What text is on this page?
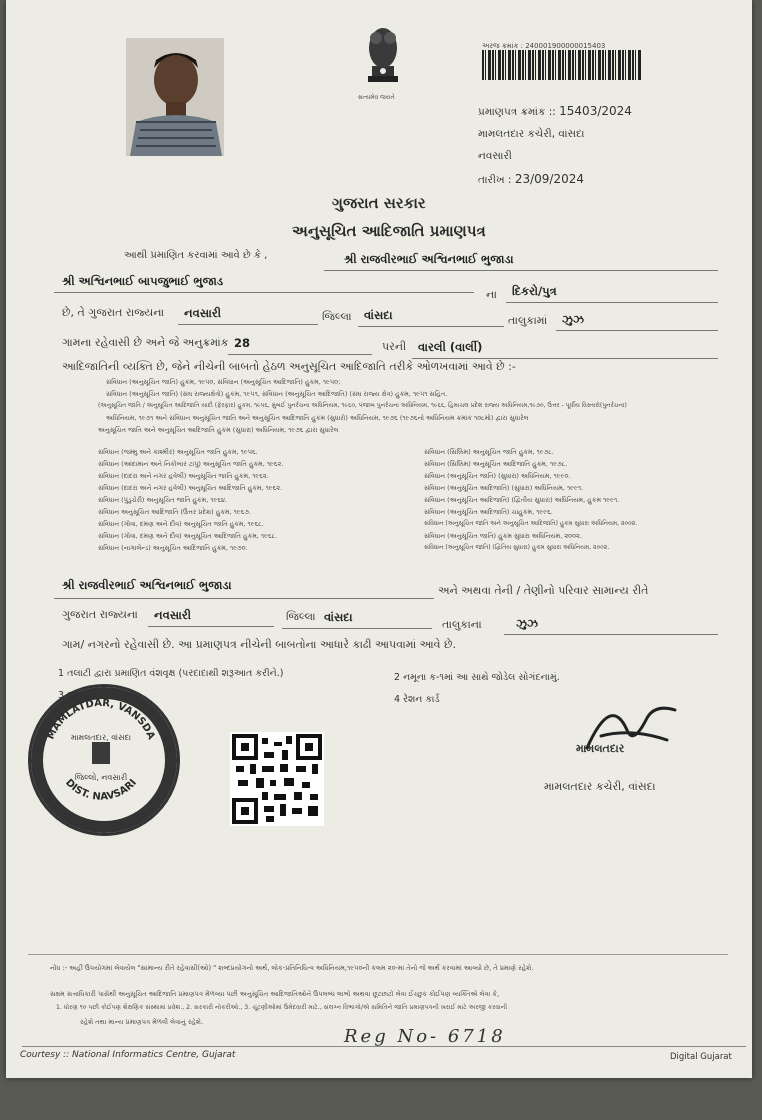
સત્યમેવ જયતે
અરજ ક્રમાંક : 240001900000015403
પ્રમાણપત્ર ક્રમાંક :: 15403/2024
મામલતદાર કચેરી, વાંસદા
નવસારી
તારીખ : 23/09/2024
ગુજરાત સરકાર
અનુસૂચિત આદિજાતિ પ્રમાણપત્ર
આથી પ્રમાણિત કરવામાં આવે છે કે ,	શ્રી રાજવીરભાઈ અશ્વિનભાઈ ભુજાડા
શ્રી અશ્વિનભાઈ બાપજુભાઈ ભુજાડ
ના દિકરો/પુત્ર
છે, તે ગુજરાત રાજ્યના નવસારી	જિલ્લા વાંસદા	તાલુકામાં ઝુઝ
ગામના રહેવાસી છે અને જે અનુક્રમાંક 28	પરની વારલી (વાર્લી)
આદિજાતિની વ્યક્તિ છે, જેને નીચેની બાબતો હેઠળ અનુસૂચિત આદિજાતિ તરીકે ઓળખવામાં આવે છે :-
સંવિધાન (અનુસૂચિત જાતિ) હુકમ, ૧૯૫૦, સંવિધાન (અનુસૂચિત આદિજાતિ) હુકમ, ૧૯૫૦;
સંવિધાન (અનુસૂચિત જાતિ) (સંઘ રાજ્યક્ષેત્રો) હુકમ, ૧૯૫૧, સંવિધાન (અનુસૂચિત આદિજાતિ) (સંઘ રાજ્ય ક્ષેત્ર) હુકમ, ૧૯૫૧ સહિત.
(અનુસૂચિત જાતિ / અનુસૂચિત આદિજાતિ યાદી (ફેરફાર) હુકમ, ૧૯૫૬, મુંબઈ પુનર્રચના અધિનિયમ, ૧૯૬૦, પંજાબ પુનર્રચના અધિનિયમ, ૧૯૬૬, હિમાચલ પ્રદેશ રાજ્ય અધિનિયમ,૧૯૭૦, ઉત્તર - પૂર્વીય વિસ્તારો(પુનર્રચના)
અધિનિયમ, ૧૯૭૧ અને સંવિધાન અનુસૂચિત જાતિ અને અનુસૂચિત આદિજાતિ હુકમ (સુધારો) અધિનિયમ, ૧૯૭૬ (૧૯૭૬નો અધિનિયમ ક્રમાંક ૧૦૮મો) દ્વારા સુધારેલ
અનુસૂચિત જાતિ અને અનુસૂચિત આદિજાતિ હુકમ (સુધારા) અધિનિયમ, ૧૯૭૬ દ્વારા સુધારેલ
સંવિધાન (જમ્મુ અને કાશ્મીર) અનુસૂચિત જાતિ હુકમ, ૧૯૫૬.
સંવિધાન (આંદામાન અને નિકોબાર ટાપુ) અનુસૂચિત જાતિ હુકમ, ૧૯૬૨.
સંવિધાન (દાદરા અને નગર હવેલી) અનુસૂચિત જાતિ હુકમ, ૧૯૬૨.
સંવિધાન (દાદરા અને નગર હવેલી) અનુસૂચિત આદિજાતિ હુકમ, ૧૯૬૨.
સંવિધાન (પુંડુચેરી) અનુસૂચિત જાતિ હુકમ, ૧૯૬૪.
સંવિધાન અનુસૂચિત આદિજાતિ (ઉત્તર પ્રદેશ) હુકમ, ૧૯૬૭.
સંવિધાન (ગોવા, દમણ અને દીવ) અનુસૂચિત જાતિ હુકમ, ૧૯૬૮.
સંવિધાન (ગોવા, દમણ અને દીવ) અનુસૂચિત આદિજાતિ હુકમ, ૧૯૬૮.
સંવિધાન (નાગાલેન્ડ) અનુસૂચિત આદિજાતિ હુકમ, ૧૯૭૦.
સંવિધાન (સિક્કિમ) અનુસૂચિત જાતિ હુકમ, ૧૯૭૮.
સંવિધાન (સિક્કિમ) અનુસૂચિત આદિજાતિ હુકમ, ૧૯૭૮.
સંવિધાન (અનુસૂચિત જાતિ) (સુધારા) અધિનિયમ, ૧૯૯૦.
સંવિધાન (અનુસૂચિત આદિજાતિ) (સુધારા) અધિનિયમ, ૧૯૯૧.
સંવિધાન (અનુસૂચિત આદિજાતિ) (દ્વિતીય સુધારા) અધિનિયમ, હુકમ ૧૯૯૧.
સંવિધાન (અનુસૂચિત આદિજાતિ) ચાહુકમ, ૧૯૯૬.
સંવિધાન (અનુસૂચિત જાતિ અને અનુસૂચિત આદિજાતિ) હુકમ સુધારા અધિનિયમ, ૨૦૦૨.
સંવિધાન (અનુસૂચિત જાતિ) હુકમ સુધારા અધિનિયમ, ૨૦૦૨.
સંવિધાન (અનુસૂચિત જાતિ) (દ્વિતિય સુધારા) હુકમ સુધારા અધિનિયમ, ૨૦૦૨.
શ્રી રાજવીરભાઈ અશ્વિનભાઈ ભુજાડા	અને અથવા તેની / તેણીનો પરિવાર સામાન્ય રીતે
ગુજરાત રાજ્યના નવસારી	જિલ્લા વાંસદા
તાલુકાના	ઝુઝ
ગામ/ નગરનો રહેવાસી છે. આ પ્રમાણપત્ર નીચેની બાબતોના આધારે કાઢી આપવામાં આવે છે.
1 તલાટી દ્વારા પ્રમાણિત વંશવૃક્ષ (પરદાદાથી શરૂઆત કરીને.)	2 નમૂના ક-૧માં આ સાથે જોડેલ સોગંદનામું.
3 આધારકાર્ડ	4 રેશન કાર્ડ
MAMLATDAR, VANSDA
DIST. NAVSARI
મામલતદાર, વાંસદા
જિલ્લો, નવસારી
મામલતદાર
મામલતદાર કચેરી, વાંસદા
નોંધ :- અહીં ઉપયોગમાં લેવાયેલ "સામાન્ય રીતે રહેવાસી(ઓ) " શબ્દપ્રયોગનો અર્થ, લોક-પ્રતિનિધિત્વ અધિનિયમ,૧૯૫૦ની કલમ ૨૦-માં તેનો જે અર્થ કરવામાં આવ્યો છે, તે પ્રમાણે રહેશે.
સક્ષમ સત્તાધિકારી પાસેથી અનુસૂચિત આદિજાતિ પ્રમાણપત્ર મેળવ્યા પછી અનુસૂચિત આદિજાતિઓને ઉપલબ્ધ લાભો અથવા છૂટછાટો લેવા ઈચ્છુક કોઈપણ વ્યક્તિએ લેવા કે,
1. ધોરણ ૧૦ પછી કોઈપણ શૈક્ષણિક સંસ્થામાં પ્રવેશ., 2. સરકારી નોકરીઓ., 3. ચૂંટણીઓમાં ઉમેદવારી માટે., સંલગ્ન વિભાગો/એ સમિતિને જાતિ પ્રમાણપત્રની ખરાઈ માટે અરજી કરવાની
રહેશે તથા માન્ય પ્રમાણપત્ર મેળવી લેવાનું રહેશે.
Reg No- 6718
Courtesy :: National Informatics Centre, Gujarat	Digital Gujarat
